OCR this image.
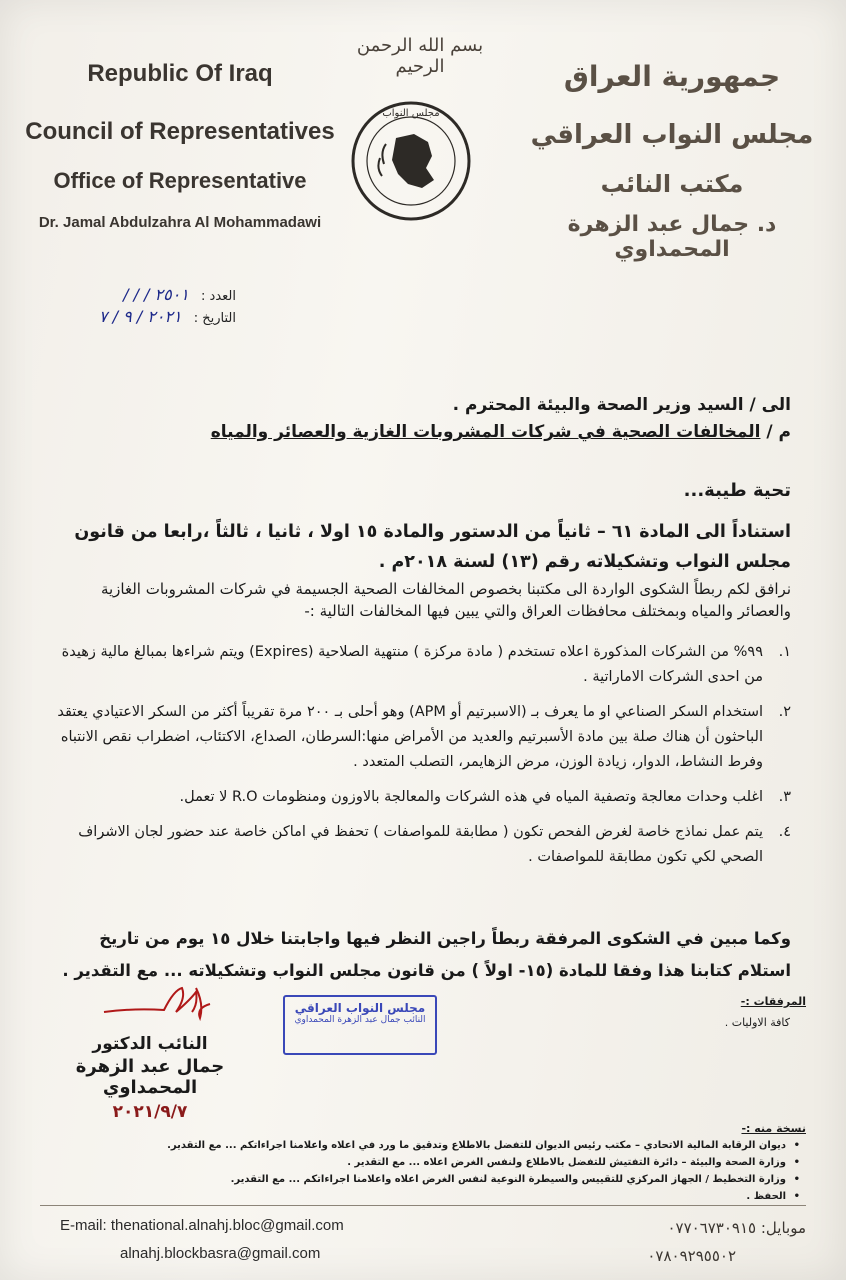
Republic Of Iraq
Council of Representatives
Office of Representative
Dr. Jamal Abdulzahra Al Mohammadawi
بسم الله الرحمن الرحيم
مجلس النواب
جمهورية العراق
مجلس النواب العراقي
مكتب النائب
د. جمال عبد الزهرة المحمداوي
العدد : ٢٥٠١ / / /
التاريخ : ٢٠٢١ / ٩ / ٧
الى / السيد وزير الصحة والبيئة المحترم .
م / المخالفات الصحية في شركات المشروبات الغازية والعصائر والمياه
تحية طيبة...
استناداً الى المادة ٦١ – ثانياً من الدستور والمادة ١٥ اولا ، ثانيا ، ثالثاً ،رابعا من قانون مجلس النواب وتشكيلاته رقم (١٣) لسنة ٢٠١٨م .
نرافق لكم ربطاً الشكوى الواردة الى مكتبنا بخصوص المخالفات الصحية الجسيمة في شركات المشروبات الغازية والعصائر والمياه وبمختلف محافظات العراق والتي يبين فيها المخالفات التالية :-
١.
٩٩% من الشركات المذكورة اعلاه تستخدم ( مادة مركزة ) منتهية الصلاحية (Expires) ويتم شراءها بمبالغ مالية زهيدة من احدى الشركات الاماراتية .
٢.
استخدام السكر الصناعي او ما يعرف بـ (الاسبرتيم أو APM) وهو أحلى بـ ٢٠٠ مرة تقريباً أكثر من السكر الاعتيادي يعتقد الباحثون أن هناك صلة بين مادة الأسبرتيم والعديد من الأمراض منها:السرطان، الصداع، الاكتئاب، اضطراب نقص الانتباه وفرط النشاط، الدوار، زيادة الوزن، مرض الزهايمر، التصلب المتعدد .
٣.
اغلب وحدات معالجة وتصفية المياه في هذه الشركات والمعالجة بالاوزون ومنظومات R.O لا تعمل.
٤.
يتم عمل نماذج خاصة لغرض الفحص تكون ( مطابقة للمواصفات ) تحفظ في اماكن خاصة عند حضور لجان الاشراف الصحي لكي تكون مطابقة للمواصفات .
وكما مبين في الشكوى المرفقة ربطاً راجين النظر فيها واجابتنا خلال ١٥ يوم من تاريخ استلام كتابنا هذا وفقا للمادة (١٥- اولاً ) من قانون مجلس النواب وتشكيلاته ... مع التقدير .
النائب الدكتور
جمال عبد الزهرة المحمداوي
٢٠٢١/٩/٧
مجلس النواب العراقي
النائب جمال عبد الزهرة المحمداوي
المرفقات :-
كافة الاوليات .
نسخة منه :-
• ديوان الرقابة المالية الاتحادي – مكتب رئيس الديوان للتفضل بالاطلاع وتدقيق ما ورد في اعلاه واعلامنا اجراءاتكم ... مع التقدير.
• وزارة الصحة والبيئة – دائرة التفتيش للتفضل بالاطلاع ولنفس الغرض اعلاه ... مع التقدير .
• وزارة التخطيط / الجهاز المركزي للتقييس والسيطرة النوعية لنفس الغرض اعلاه واعلامنا اجراءاتكم ... مع التقدير.
• الحفظ .
E-mail: thenational.alnahj.bloc@gmail.com
alnahj.blockbasra@gmail.com
موبايل: ٠٧٧٠٦٧٣٠٩١٥
٠٧٨٠٩٢٩٥٥٠٢
